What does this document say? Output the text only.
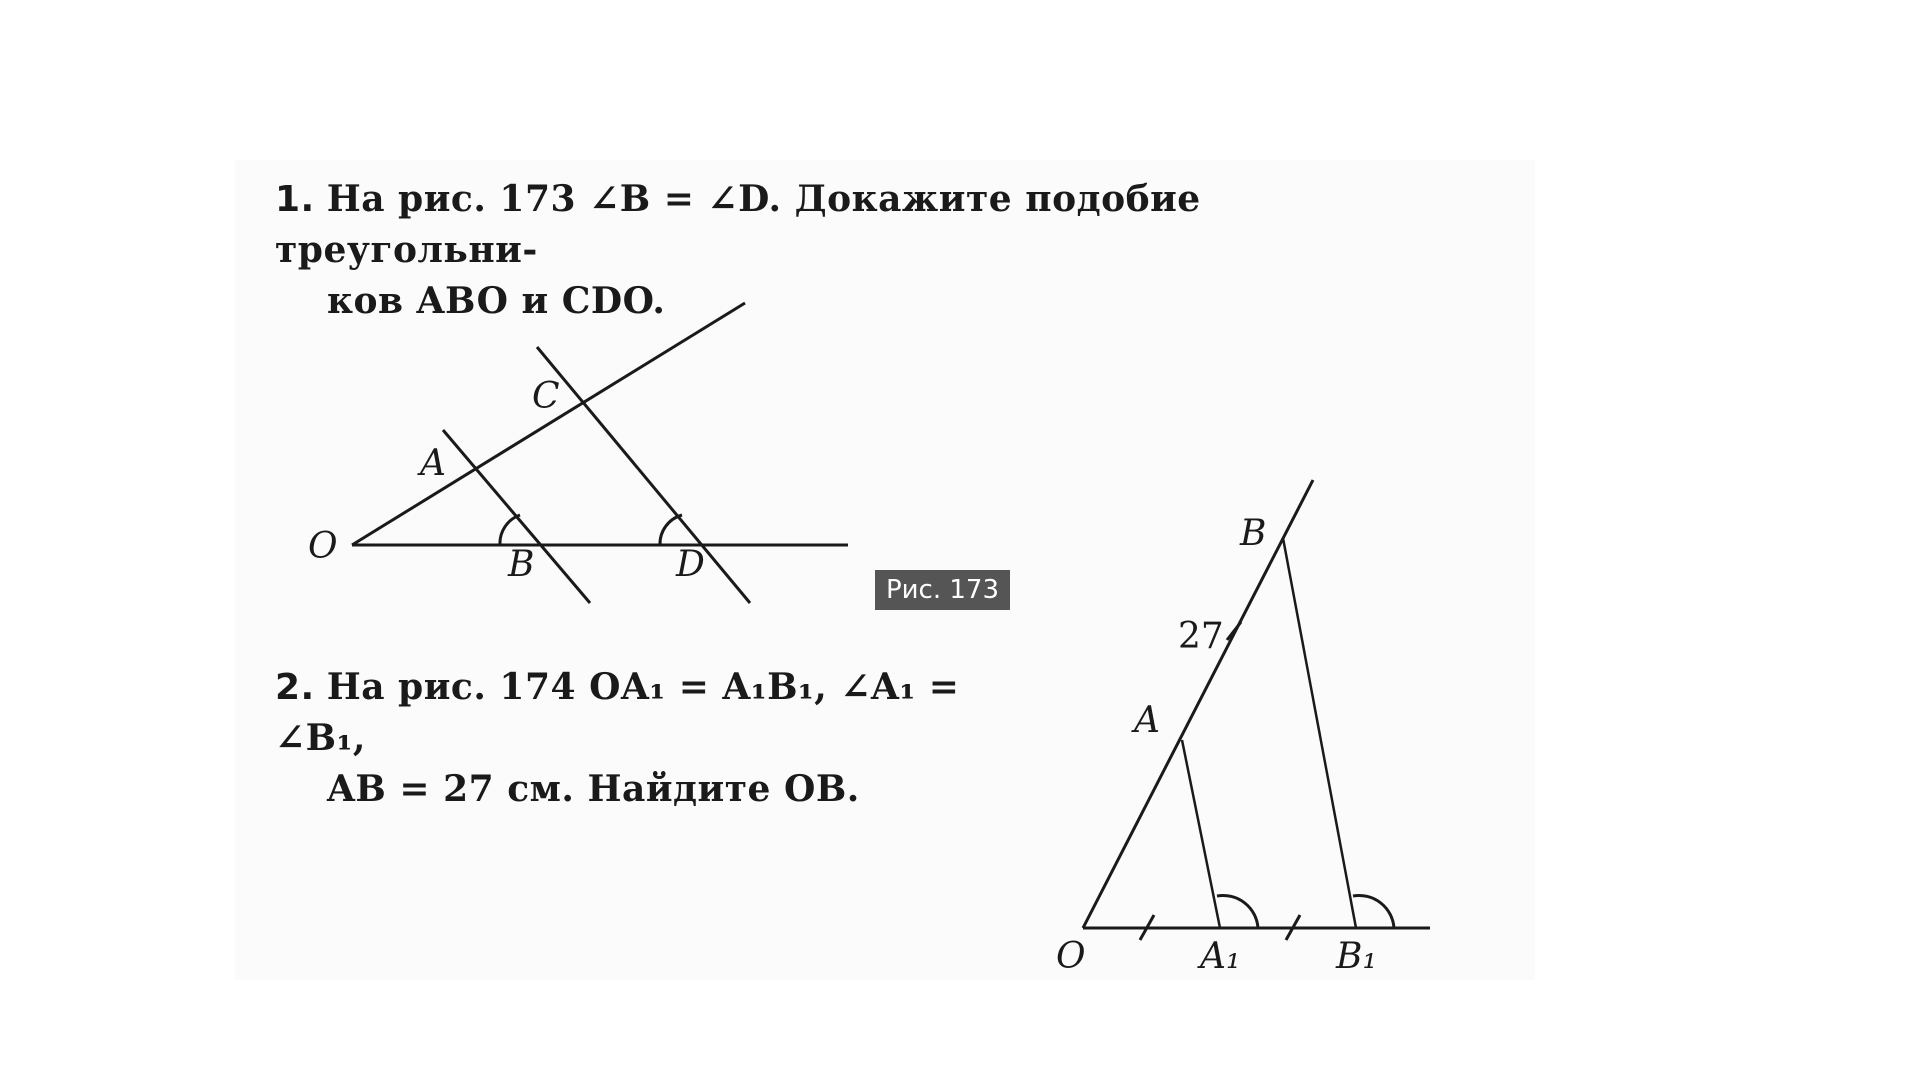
1. На рис. 173 ∠B = ∠D. Докажите подобие треугольни-
ков ABO и CDO.
2. На рис. 174 OA₁ = A₁B₁, ∠A₁ = ∠B₁,
AB = 27 см. Найдите OB.
Рис. 173
O
A
C
B	D
B
27
A
O	A₁	B₁
